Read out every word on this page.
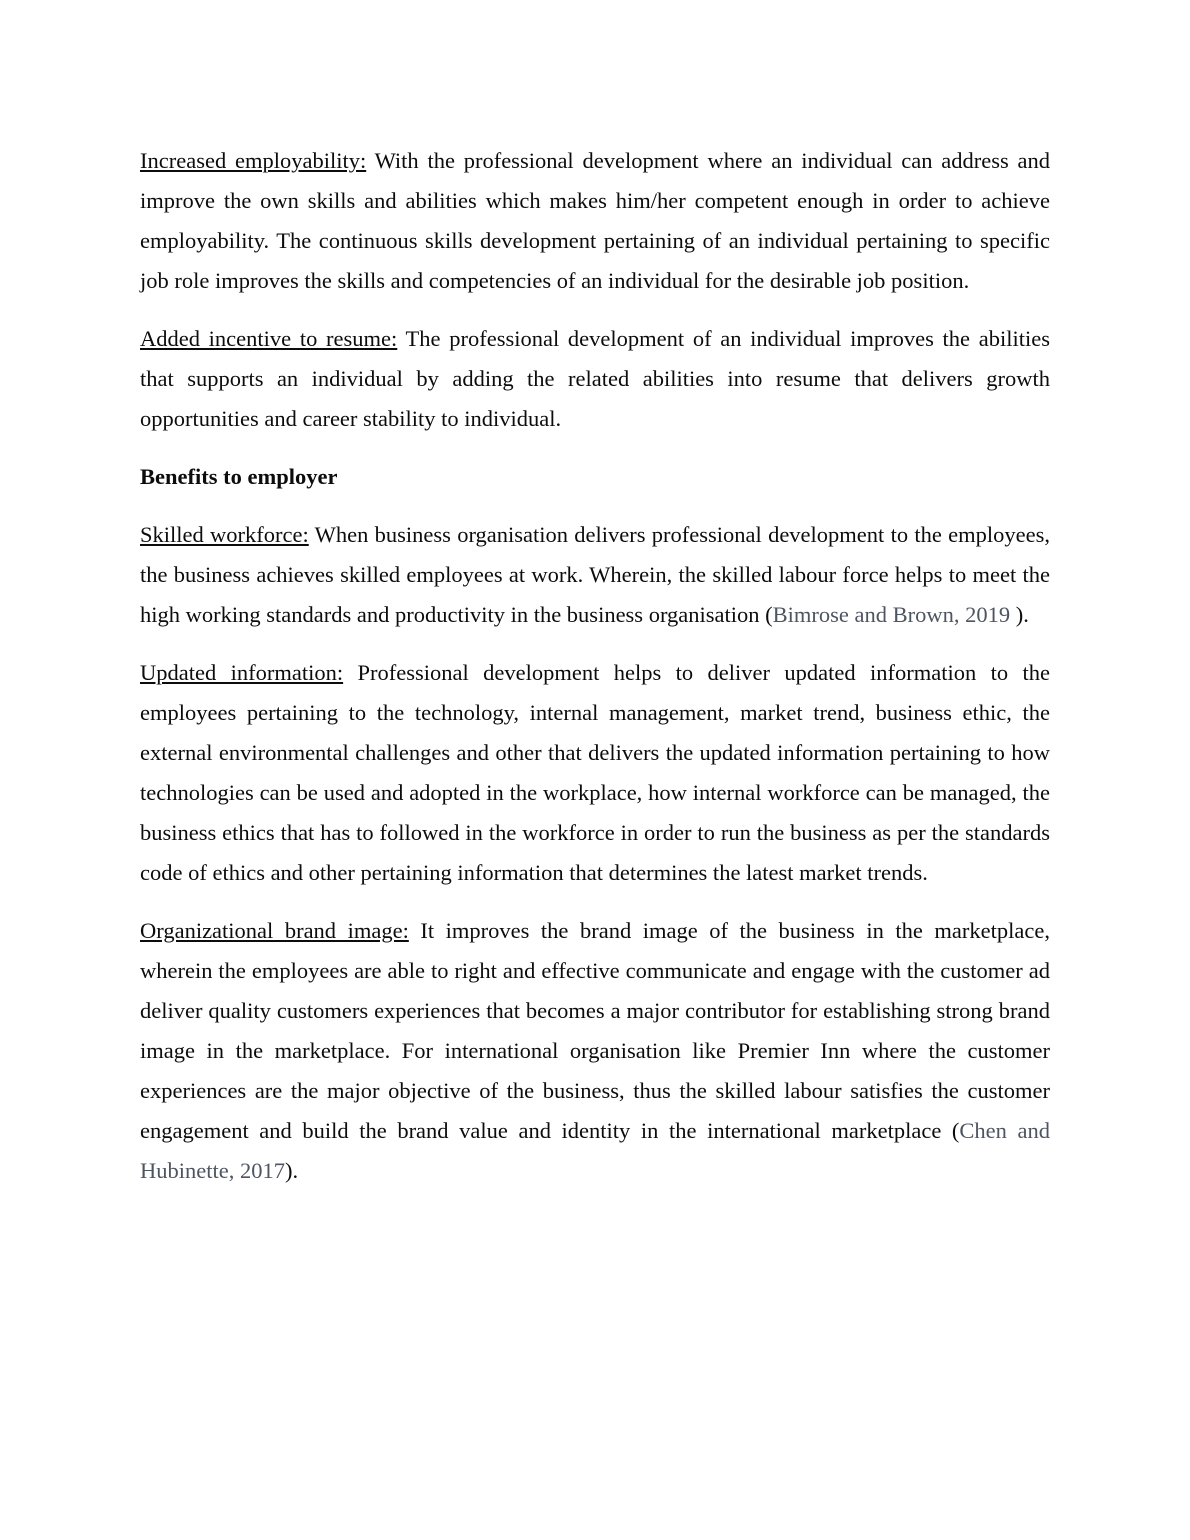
Increased employability: With the professional development where an individual can address and improve the own skills and abilities which makes him/her competent enough in order to achieve employability. The continuous skills development pertaining of an individual pertaining to specific job role improves the skills and competencies of an individual for the desirable job position.

Added incentive to resume: The professional development of an individual improves the abilities that supports an individual by adding the related abilities into resume that delivers growth opportunities and career stability to individual.

Benefits to employer

Skilled workforce: When business organisation delivers professional development to the employees, the business achieves skilled employees at work. Wherein, the skilled labour force helps to meet the high working standards and productivity in the business organisation (Bimrose and Brown, 2019 ).

Updated information: Professional development helps to deliver updated information to the employees pertaining to the technology, internal management, market trend, business ethic, the external environmental challenges and other that delivers the updated information pertaining to how technologies can be used and adopted in the workplace, how internal workforce can be managed, the business ethics that has to followed in the workforce in order to run the business as per the standards code of ethics and other pertaining information that determines the latest market trends.

Organizational brand image: It improves the brand image of the business in the marketplace, wherein the employees are able to right and effective communicate and engage with the customer ad deliver quality customers experiences that becomes a major contributor for establishing strong brand image in the marketplace. For international organisation like Premier Inn where the customer experiences are the major objective of the business, thus the skilled labour satisfies the customer engagement and build the brand value and identity in the international marketplace (Chen and Hubinette, 2017).
